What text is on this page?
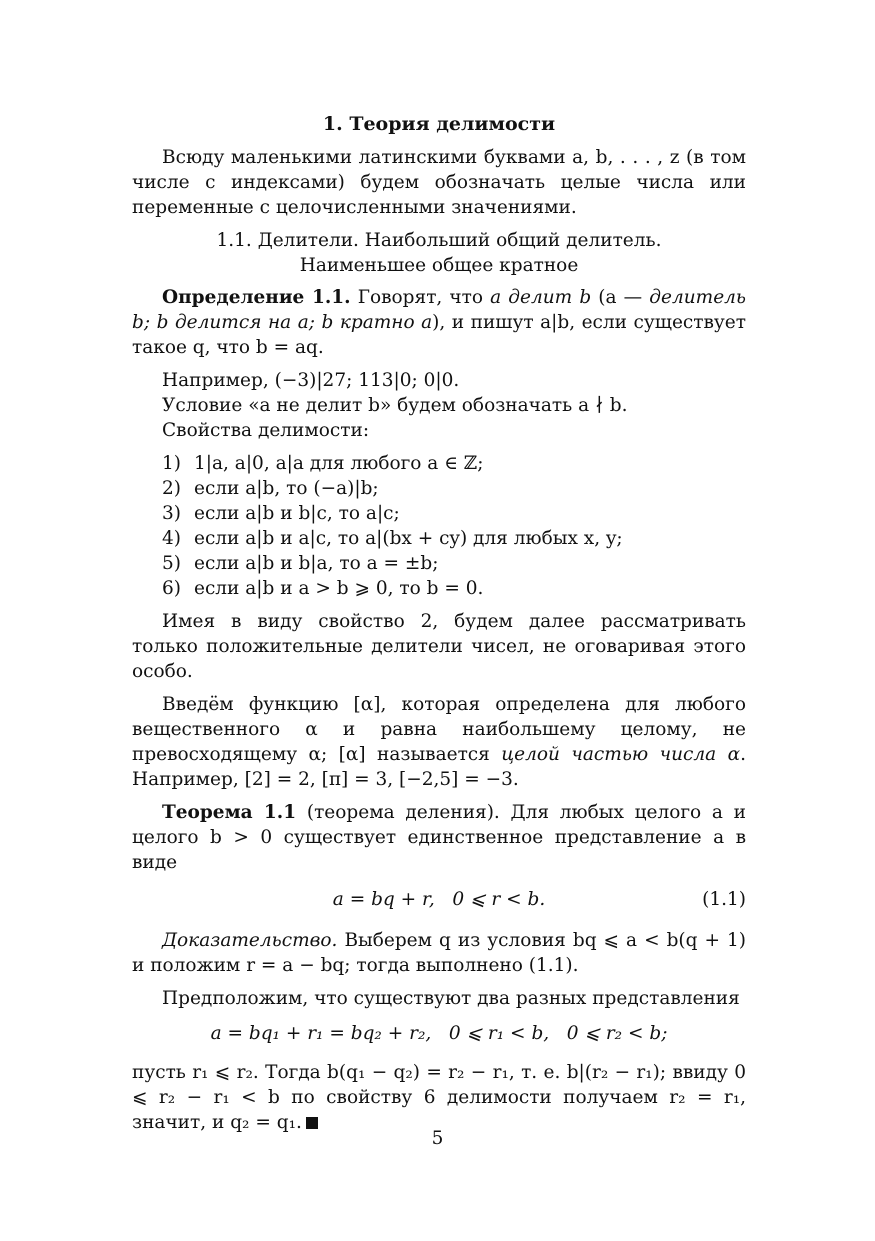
1. Теория делимости

Всюду маленькими латинскими буквами a, b, . . . , z (в том числе с индексами) будем обозначать целые числа или переменные с целочисленными значениями.

1.1. Делители. Наибольший общий делитель.
Наименьшее общее кратное

Определение 1.1. Говорят, что a делит b (a — делитель b; b делится на a; b кратно a), и пишут a|b, если существует такое q, что b = aq.

Например, (−3)|27; 113|0; 0|0.
Условие «a не делит b» будем обозначать a ∤ b.
Свойства делимости:
1) 1|a, a|0, a|a для любого a ∈ ℤ;
2) если a|b, то (−a)|b;
3) если a|b и b|c, то a|c;
4) если a|b и a|c, то a|(bx + cy) для любых x, y;
5) если a|b и b|a, то a = ±b;
6) если a|b и a > b ⩾ 0, то b = 0.

Имея в виду свойство 2, будем далее рассматривать только положительные делители чисел, не оговаривая этого особо.

Введём функцию [α], которая определена для любого вещественного α и равна наибольшему целому, не превосходящему α; [α] называется целой частью числа α. Например, [2] = 2, [π] = 3, [−2,5] = −3.

Теорема 1.1 (теорема деления). Для любых целого a и целого b > 0 существует единственное представление a в виде

a = bq + r,   0 ⩽ r < b.	(1.1)

Доказательство. Выберем q из условия bq ⩽ a < b(q + 1) и положим r = a − bq; тогда выполнено (1.1).

Предположим, что существуют два разных представления

a = bq₁ + r₁ = bq₂ + r₂,   0 ⩽ r₁ < b,   0 ⩽ r₂ < b;

пусть r₁ ⩽ r₂. Тогда b(q₁ − q₂) = r₂ − r₁, т. е. b|(r₂ − r₁); ввиду 0 ⩽ r₂ − r₁ < b по свойству 6 делимости получаем r₂ = r₁, значит, и q₂ = q₁.

5
